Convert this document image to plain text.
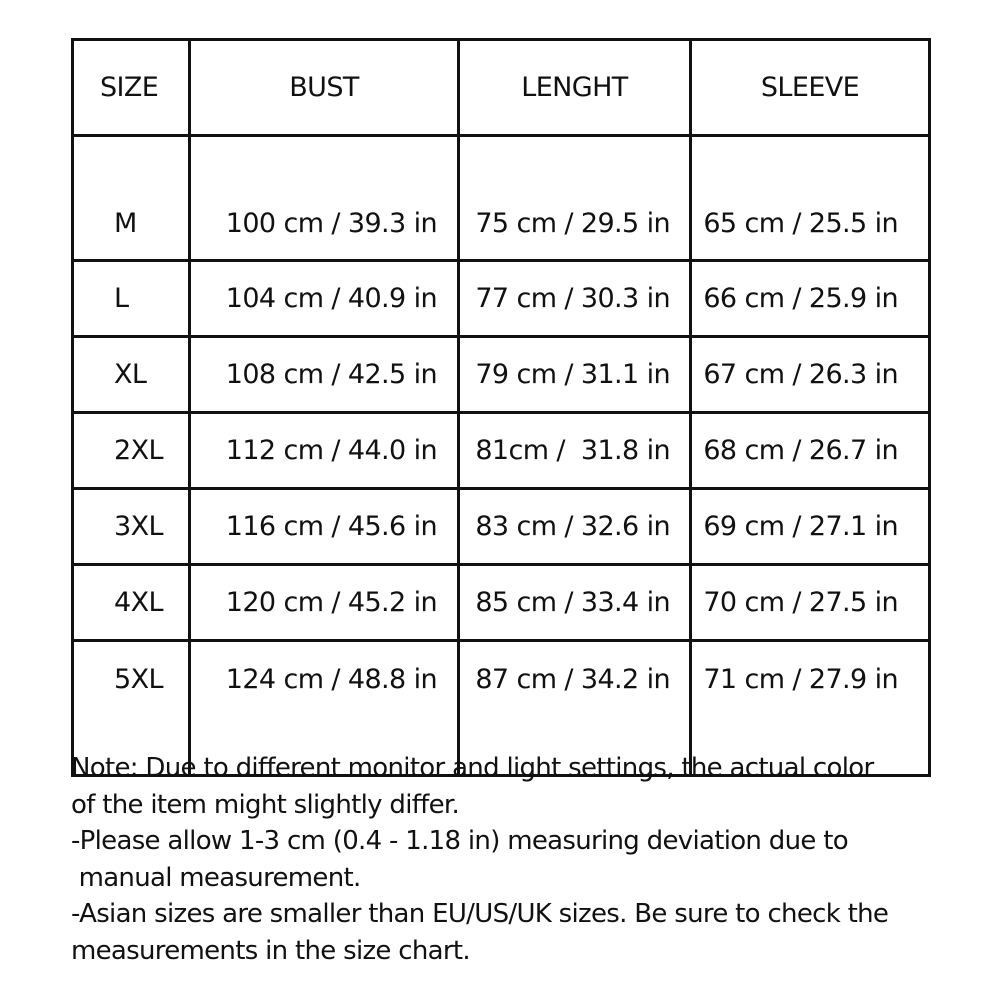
SIZE	BUST	LENGHT	SLEEVE
M	100 cm / 39.3 in	75 cm / 29.5 in	65 cm / 25.5 in
L	104 cm / 40.9 in	77 cm / 30.3 in	66 cm / 25.9 in
XL	108 cm / 42.5 in	79 cm / 31.1 in	67 cm / 26.3 in
2XL	112 cm / 44.0 in	81cm /  31.8 in	68 cm / 26.7 in
3XL	116 cm / 45.6 in	83 cm / 32.6 in	69 cm / 27.1 in
4XL	120 cm / 45.2 in	85 cm / 33.4 in	70 cm / 27.5 in
5XL	124 cm / 48.8 in	87 cm / 34.2 in	71 cm / 27.9 in
Note: Due to different monitor and light settings, the actual color
of the item might slightly differ.
-Please allow 1-3 cm (0.4 - 1.18 in) measuring deviation due to
manual measurement.
-Asian sizes are smaller than EU/US/UK sizes. Be sure to check the
measurements in the size chart.
